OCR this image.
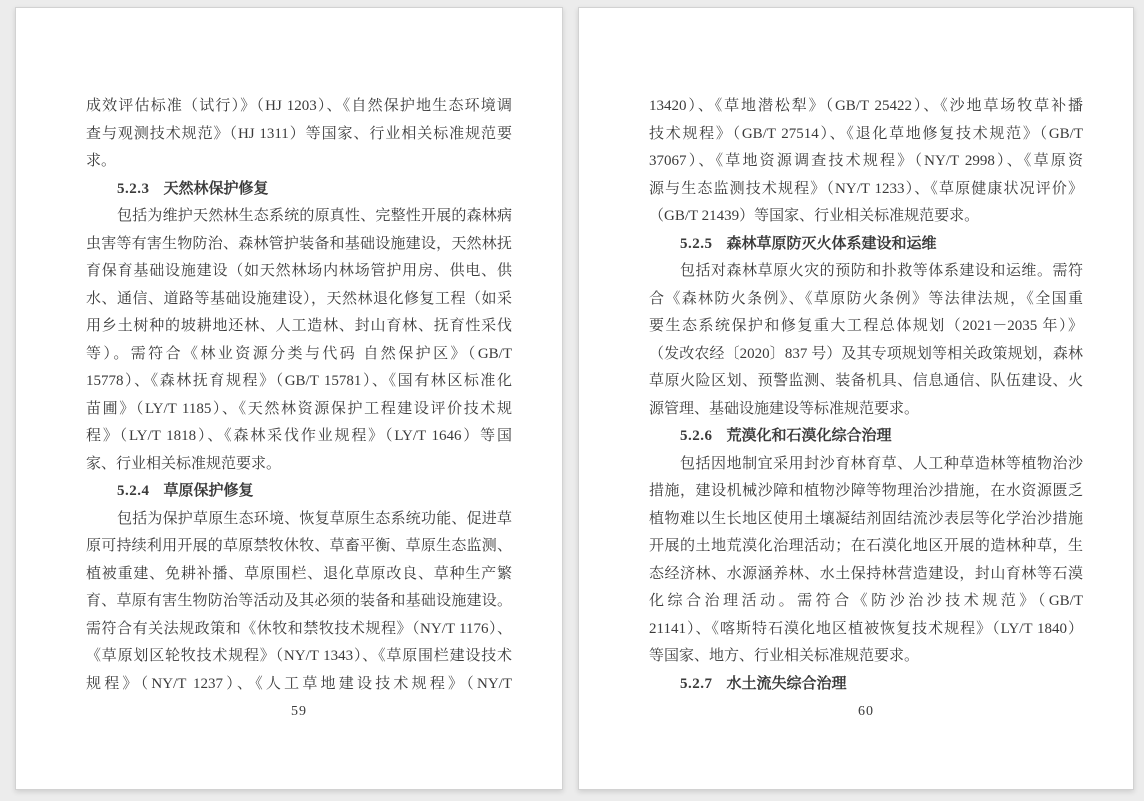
成效评估标准（试行）》（HJ 1203）、《自然保护地生态环境调
查与观测技术规范》（HJ 1311）等国家、行业相关标准规范要
求。
5.2.3 天然林保护修复
包括为维护天然林生态系统的原真性、完整性开展的森林病
虫害等有害生物防治、森林管护装备和基础设施建设，天然林抚
育保育基础设施建设（如天然林场内林场管护用房、供电、供
水、通信、道路等基础设施建设），天然林退化修复工程（如采
用乡土树种的坡耕地还林、人工造林、封山育林、抚育性采伐
等）。需符合《林业资源分类与代码 自然保护区》（GB/T
15778）、《森林抚育规程》（GB/T 15781）、《国有林区标准化
苗圃》（LY/T 1185）、《天然林资源保护工程建设评价技术规
程》（LY/T 1818）、《森林采伐作业规程》（LY/T 1646）等国
家、行业相关标准规范要求。
5.2.4 草原保护修复
包括为保护草原生态环境、恢复草原生态系统功能、促进草
原可持续利用开展的草原禁牧休牧、草畜平衡、草原生态监测、
植被重建、免耕补播、草原围栏、退化草原改良、草种生产繁
育、草原有害生物防治等活动及其必须的装备和基础设施建设。
需符合有关法规政策和《休牧和禁牧技术规程》（NY/T 1176）、
《草原划区轮牧技术规程》（NY/T 1343）、《草原围栏建设技术
规程》（NY/T 1237）、《人工草地建设技术规程》（NY/T
59
13420）、《草地潜松犁》（GB/T 25422）、《沙地草场牧草补播
技术规程》（GB/T 27514）、《退化草地修复技术规范》（GB/T
37067）、《草地资源调查技术规程》（NY/T 2998）、《草原资
源与生态监测技术规程》（NY/T 1233）、《草原健康状况评价》
（GB/T 21439）等国家、行业相关标准规范要求。
5.2.5 森林草原防灭火体系建设和运维
包括对森林草原火灾的预防和扑救等体系建设和运维。需符
合《森林防火条例》、《草原防火条例》等法律法规，《全国重
要生态系统保护和修复重大工程总体规划（2021－2035 年）》
（发改农经〔2020〕837 号）及其专项规划等相关政策规划，森林
草原火险区划、预警监测、装备机具、信息通信、队伍建设、火
源管理、基础设施建设等标准规范要求。
5.2.6 荒漠化和石漠化综合治理
包括因地制宜采用封沙育林育草、人工种草造林等植物治沙
措施，建设机械沙障和植物沙障等物理治沙措施，在水资源匮乏
植物难以生长地区使用土壤凝结剂固结流沙表层等化学治沙措施
开展的土地荒漠化治理活动；在石漠化地区开展的造林种草，生
态经济林、水源涵养林、水土保持林营造建设，封山育林等石漠
化综合治理活动。需符合《防沙治沙技术规范》（GB/T
21141）、《喀斯特石漠化地区植被恢复技术规程》（LY/T 1840）
等国家、地方、行业相关标准规范要求。
5.2.7 水土流失综合治理
60
